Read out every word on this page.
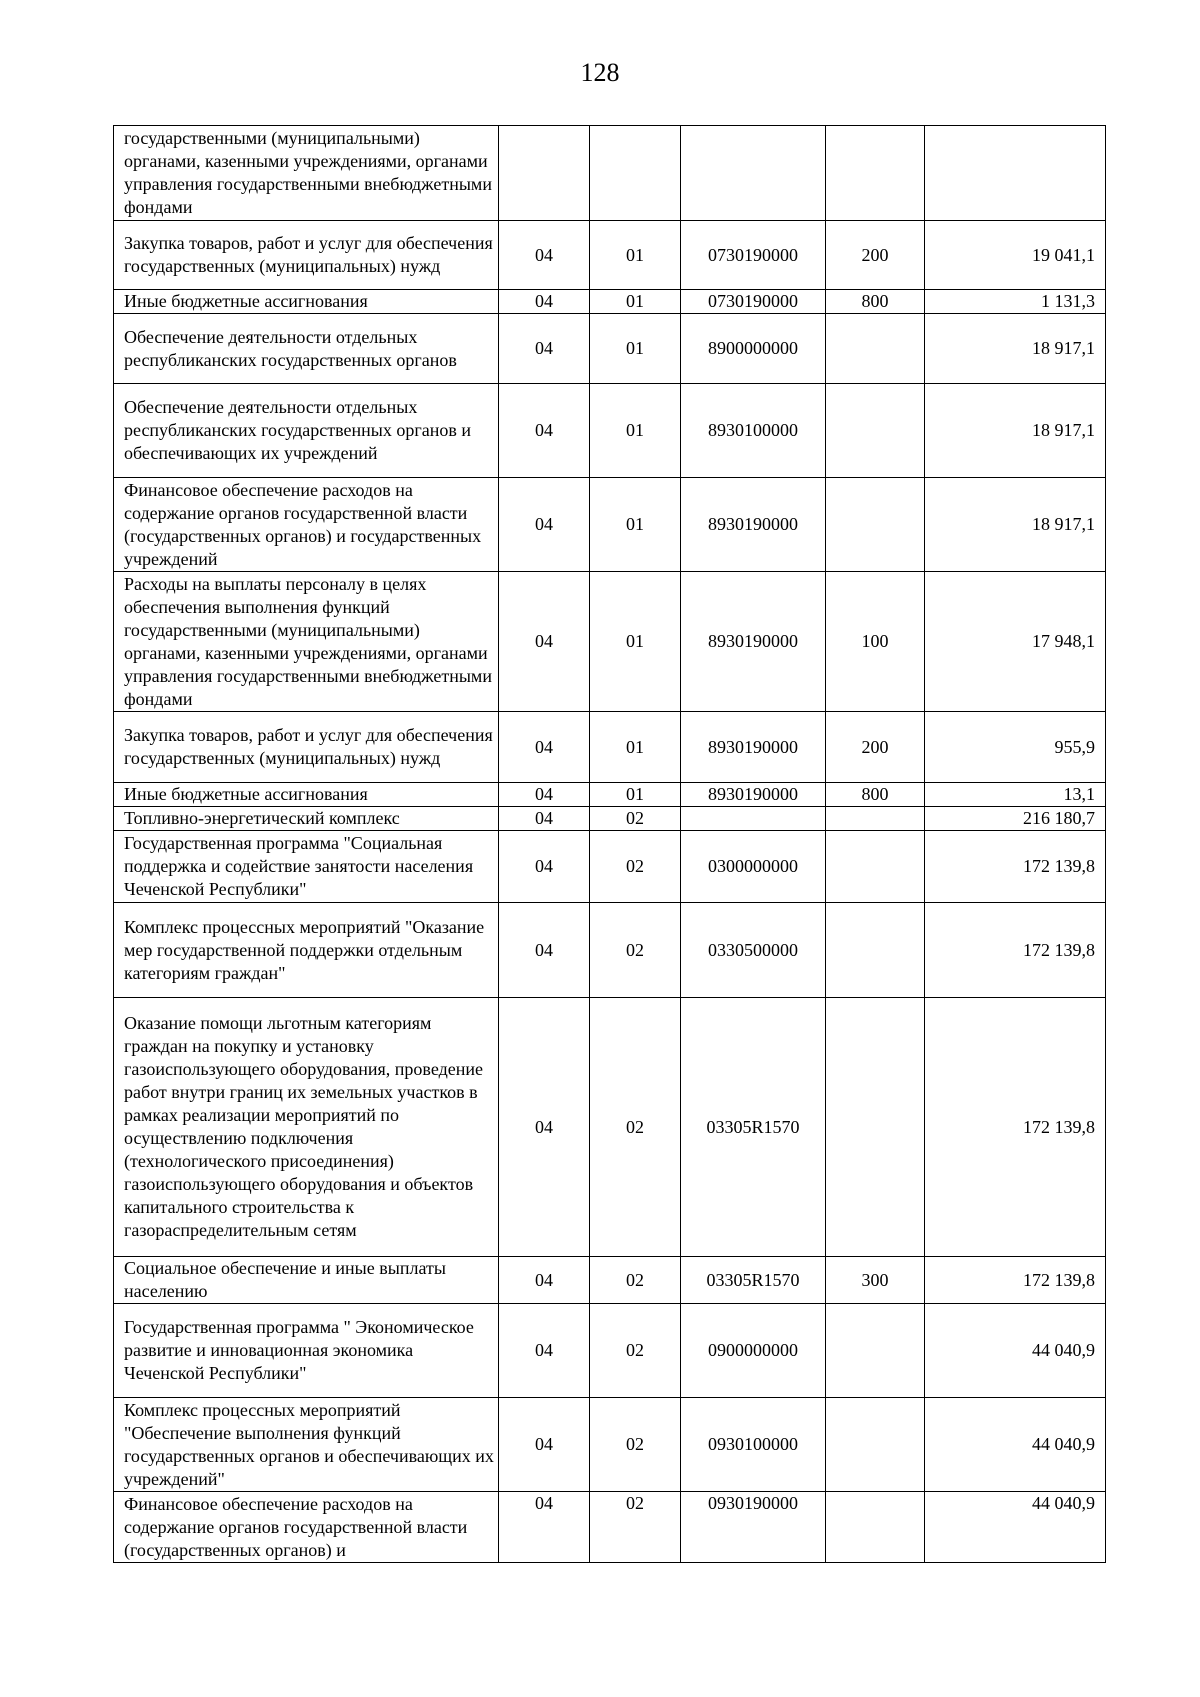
128
государственными (муниципальными) органами, казенными учреждениями, органами управления государственными внебюджетными фондами					
Закупка товаров, работ и услуг для обеспечения государственных (муниципальных) нужд	04	01	0730190000	200	19 041,1
Иные бюджетные ассигнования	04	01	0730190000	800	1 131,3
Обеспечение деятельности отдельных республиканских государственных органов	04	01	8900000000		18 917,1
Обеспечение деятельности отдельных республиканских государственных органов и обеспечивающих их учреждений	04	01	8930100000		18 917,1
Финансовое обеспечение расходов на содержание органов государственной власти (государственных органов) и государственных учреждений	04	01	8930190000		18 917,1
Расходы на выплаты персоналу в целях обеспечения выполнения функций государственными (муниципальными) органами, казенными учреждениями, органами управления государственными внебюджетными фондами	04	01	8930190000	100	17 948,1
Закупка товаров, работ и услуг для обеспечения государственных (муниципальных) нужд	04	01	8930190000	200	955,9
Иные бюджетные ассигнования	04	01	8930190000	800	13,1
Топливно-энергетический комплекс	04	02			216 180,7
Государственная программа "Социальная поддержка и содействие занятости населения Чеченской Республики"	04	02	0300000000		172 139,8
Комплекс процессных мероприятий "Оказание мер государственной поддержки отдельным категориям граждан"	04	02	0330500000		172 139,8
Оказание помощи льготным категориям граждан на покупку и установку газоиспользующего оборудования, проведение работ внутри границ их земельных участков в рамках реализации мероприятий по осуществлению подключения (технологического присоединения) газоиспользующего оборудования и объектов капитального строительства к газораспределительным сетям	04	02	03305R1570		172 139,8
Социальное обеспечение и иные выплаты населению	04	02	03305R1570	300	172 139,8
Государственная программа " Экономическое развитие и инновационная экономика Чеченской Республики"	04	02	0900000000		44 040,9
Комплекс процессных мероприятий "Обеспечение выполнения функций государственных органов и обеспечивающих их учреждений"	04	02	0930100000		44 040,9
Финансовое обеспечение расходов на содержание органов государственной власти (государственных органов) и	04	02	0930190000		44 040,9
